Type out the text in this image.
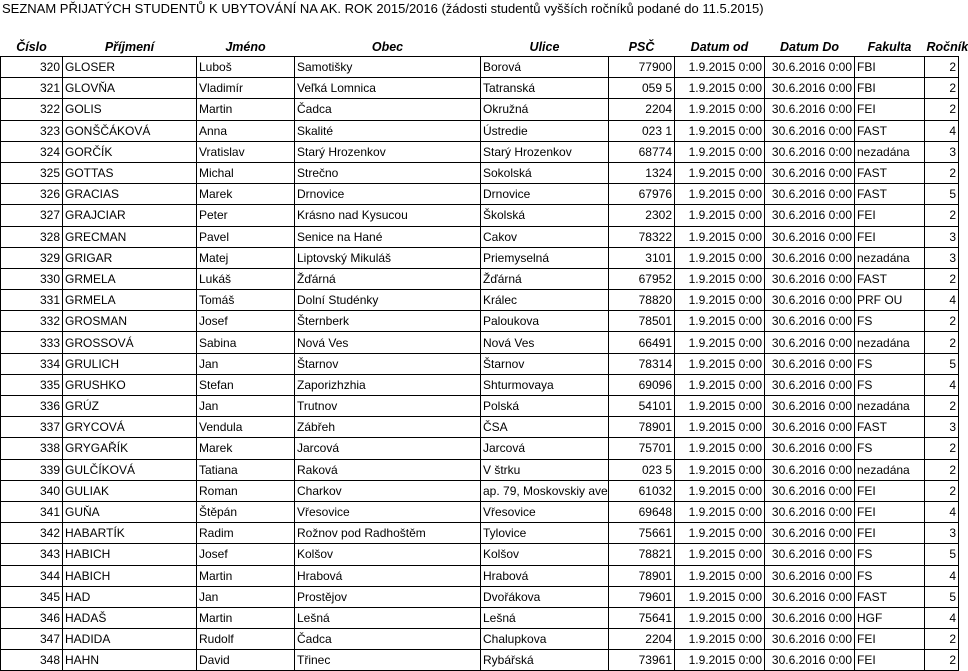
SEZNAM PŘIJATÝCH STUDENTŮ K UBYTOVÁNÍ NA AK. ROK 2015/2016 (žádosti studentů vyšších ročníků podané do 11.5.2015)
Číslo	Příjmení	Jméno	Obec	Ulice	PSČ	Datum od	Datum Do	Fakulta	Ročník
320	GLOSER	Luboš	Samotišky	Borová	77900	1.9.2015 0:00	30.6.2016 0:00	FBI	2
321	GLOVŇA	Vladimír	Veľká Lomnica	Tatranská	059 5	1.9.2015 0:00	30.6.2016 0:00	FBI	2
322	GOLIS	Martin	Čadca	Okružná	2204	1.9.2015 0:00	30.6.2016 0:00	FEI	2
323	GONŠČÁKOVÁ	Anna	Skalité	Ústredie	023 1	1.9.2015 0:00	30.6.2016 0:00	FAST	4
324	GORČÍK	Vratislav	Starý Hrozenkov	Starý Hrozenkov	68774	1.9.2015 0:00	30.6.2016 0:00	nezadána	3
325	GOTTAS	Michal	Strečno	Sokolská	1324	1.9.2015 0:00	30.6.2016 0:00	FAST	2
326	GRACIAS	Marek	Drnovice	Drnovice	67976	1.9.2015 0:00	30.6.2016 0:00	FAST	5
327	GRAJCIAR	Peter	Krásno nad Kysucou	Školská	2302	1.9.2015 0:00	30.6.2016 0:00	FEI	2
328	GRECMAN	Pavel	Senice na Hané	Cakov	78322	1.9.2015 0:00	30.6.2016 0:00	FEI	3
329	GRIGAR	Matej	Liptovský Mikuláš	Priemyselná	3101	1.9.2015 0:00	30.6.2016 0:00	nezadána	3
330	GRMELA	Lukáš	Žďárná	Žďárná	67952	1.9.2015 0:00	30.6.2016 0:00	FAST	2
331	GRMELA	Tomáš	Dolní Studénky	Králec	78820	1.9.2015 0:00	30.6.2016 0:00	PRF OU	4
332	GROSMAN	Josef	Šternberk	Paloukova	78501	1.9.2015 0:00	30.6.2016 0:00	FS	2
333	GROSSOVÁ	Sabina	Nová Ves	Nová Ves	66491	1.9.2015 0:00	30.6.2016 0:00	nezadána	2
334	GRULICH	Jan	Štarnov	Štarnov	78314	1.9.2015 0:00	30.6.2016 0:00	FS	5
335	GRUSHKO	Stefan	Zaporizhzhia	Shturmovaya	69096	1.9.2015 0:00	30.6.2016 0:00	FS	4
336	GRÚZ	Jan	Trutnov	Polská	54101	1.9.2015 0:00	30.6.2016 0:00	nezadána	2
337	GRYCOVÁ	Vendula	Zábřeh	ČSA	78901	1.9.2015 0:00	30.6.2016 0:00	FAST	3
338	GRYGAŘÍK	Marek	Jarcová	Jarcová	75701	1.9.2015 0:00	30.6.2016 0:00	FS	2
339	GULČÍKOVÁ	Tatiana	Raková	V štrku	023 5	1.9.2015 0:00	30.6.2016 0:00	nezadána	2
340	GULIAK	Roman	Charkov	ap. 79, Moskovskiy ave	61032	1.9.2015 0:00	30.6.2016 0:00	FEI	2
341	GUŇA	Štěpán	Vřesovice	Vřesovice	69648	1.9.2015 0:00	30.6.2016 0:00	FEI	4
342	HABARTÍK	Radim	Rožnov pod Radhoštěm	Tylovice	75661	1.9.2015 0:00	30.6.2016 0:00	FEI	3
343	HABICH	Josef	Kolšov	Kolšov	78821	1.9.2015 0:00	30.6.2016 0:00	FS	5
344	HABICH	Martin	Hrabová	Hrabová	78901	1.9.2015 0:00	30.6.2016 0:00	FS	4
345	HAD	Jan	Prostějov	Dvořákova	79601	1.9.2015 0:00	30.6.2016 0:00	FAST	5
346	HADAŠ	Martin	Lešná	Lešná	75641	1.9.2015 0:00	30.6.2016 0:00	HGF	4
347	HADIDA	Rudolf	Čadca	Chalupkova	2204	1.9.2015 0:00	30.6.2016 0:00	FEI	2
348	HAHN	David	Třinec	Rybářská	73961	1.9.2015 0:00	30.6.2016 0:00	FEI	2
